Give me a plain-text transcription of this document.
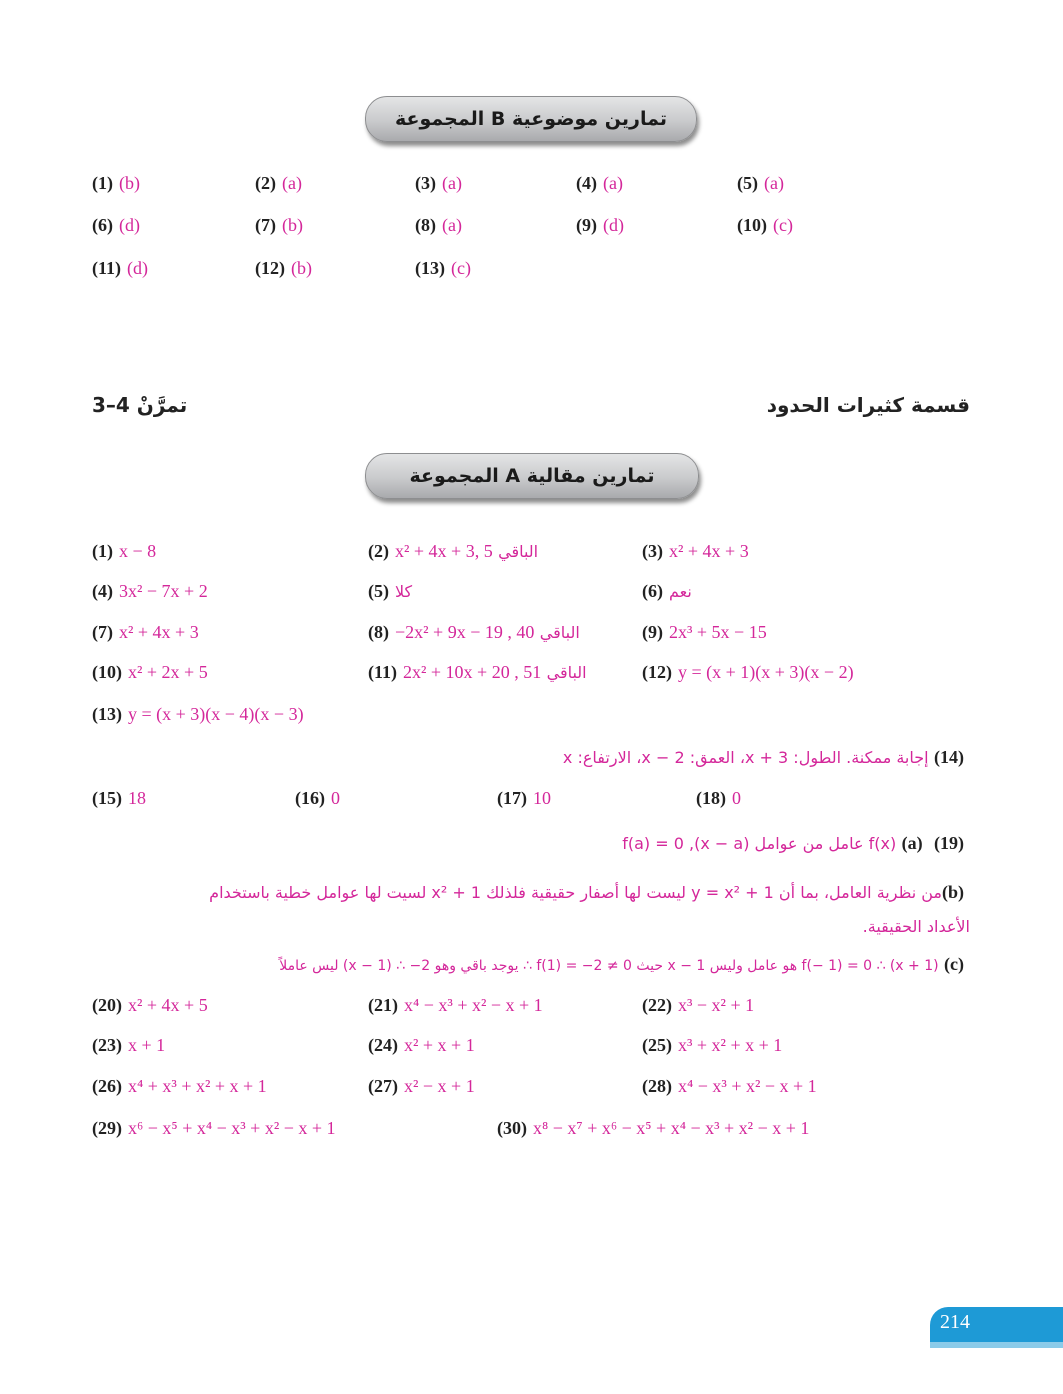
المجموعة B تمارين موضوعية
(1) (b)	(2) (a)	(3) (a)	(4) (a)	(5) (a)
(6) (d)	(7) (b)	(8) (a)	(9) (d)	(10) (c)
(11) (d)	(12) (b)	(13) (c)
تمرَّنْ 4–3	قسمة كثيرات الحدود
المجموعة A تمارين مقالية
(1) x − 8	(2) x² + 4x + 3, 5 الباقي	(3) x² + 4x + 3
(4) 3x² − 7x + 2	(5) كلا	(6) نعم
(7) x² + 4x + 3	(8) −2x² + 9x − 19 , 40 الباقي	(9) 2x³ + 5x − 15
(10) x² + 2x + 5	(11) 2x² + 10x + 20 , 51 الباقي	(12) y = (x + 1)(x + 3)(x − 2)
(13) y = (x + 3)(x − 4)(x − 3)
(14) إجابة ممكنة. الطول: x + 3، العمق: x − 2، الارتفاع: x
(15) 18	(16) 0	(17) 10	(18) 0
(19) (a) f(x) عامل من عوامل (x − a), f(a) = 0
(b)من نظرية العامل، بما أن y = x² + 1 ليست لها أصفار حقيقية فلذلك x² + 1 لسيت لها عوامل خطية باستخدام
الأعداد الحقيقية.
(c) f(− 1) = 0 ∴ (x + 1) هو عامل وليس x − 1 حيث f(1) = −2 ≠ 0 ∴ يوجد باقي وهو 2− ∴ (x − 1) ليس عاملاً
(20) x² + 4x + 5	(21) x⁴ − x³ + x² − x + 1	(22) x³ − x² + 1
(23) x + 1	(24) x² + x + 1	(25) x³ + x² + x + 1
(26) x⁴ + x³ + x² + x + 1	(27) x² − x + 1	(28) x⁴ − x³ + x² − x + 1
(29) x⁶ − x⁵ + x⁴ − x³ + x² − x + 1	(30) x⁸ − x⁷ + x⁶ − x⁵ + x⁴ − x³ + x² − x + 1
214
